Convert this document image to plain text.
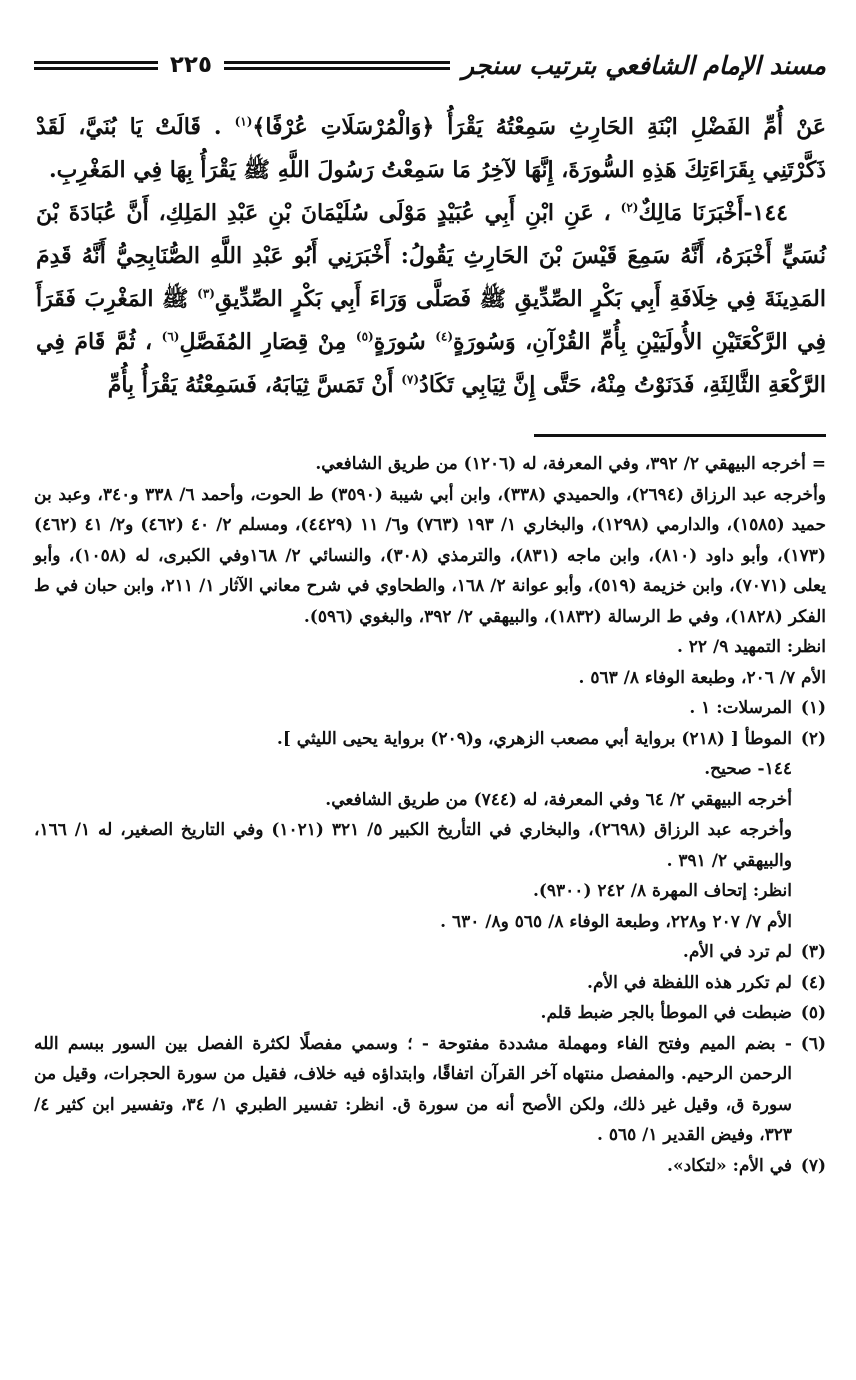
مسند الإمام الشافعي بترتيب سنجر
٢٢٥

عَنْ أُمِّ الفَضْلِ ابْنَةِ الحَارِثِ سَمِعْتُهُ يَقْرَأُ ﴿وَالْمُرْسَلَاتِ عُرْفًا﴾$^{(١)}$ . قَالَتْ يَا بُنَيَّ، لَقَدْ ذَكَّرْتَنِي بِقَرَاءَتِكَ هَذِهِ السُّورَةَ، إِنَّهَا لآخِرُ مَا سَمِعْتُ رَسُولَ اللَّهِ ﷺ يَقْرَأُ بِهَا فِي المَغْرِبِ.

١٤٤-أَخْبَرَنَا مَالِكٌ$^{(٢)}$ ، عَنِ ابْنِ أَبِي عُبَيْدٍ مَوْلَى سُلَيْمَانَ بْنِ عَبْدِ المَلِكِ، أَنَّ عُبَادَةَ بْنَ نُسَيٍّ أَخْبَرَهُ، أَنَّهُ سَمِعَ قَيْسَ بْنَ الحَارِثِ يَقُولُ: أَخْبَرَنِي أَبُو عَبْدِ اللَّهِ الصُّنَابِحِيُّ أَنَّهُ قَدِمَ المَدِينَةَ فِي خِلَافَةِ أَبِي بَكْرٍ الصِّدِّيقِ ﷺ فَصَلَّى وَرَاءَ أَبِي بَكْرٍ الصِّدِّيقِ$^{(٣)}$ ﷺ المَغْرِبَ فَقَرَأَ فِي الرَّكْعَتَيْنِ الأُولَيَيْنِ بِأُمِّ القُرْآنِ، وَسُورَةٍ$^{(٤)}$ سُورَةٍ$^{(٥)}$ مِنْ قِصَارِ المُفَصَّلِ$^{(٦)}$ ، ثُمَّ قَامَ فِي الرَّكْعَةِ الثَّالِثَةِ، فَدَنَوْتُ مِنْهُ، حَتَّى إِنَّ ثِيَابِي تَكَادُ$^{(٧)}$ أَنْ تَمَسَّ ثِيَابَهُ، فَسَمِعْتُهُ يَقْرَأُ بِأُمِّ

= أخرجه البيهقي ٢/ ٣٩٢، وفي المعرفة، له (١٢٠٦) من طريق الشافعي.

وأخرجه عبد الرزاق (٢٦٩٤)، والحميدي (٣٣٨)، وابن أبي شيبة (٣٥٩٠) ط الحوت، وأحمد ٦/ ٣٣٨ و٣٤٠، وعبد بن حميد (١٥٨٥)، والدارمي (١٢٩٨)، والبخاري ١/ ١٩٣ (٧٦٣) و٦/ ١١ (٤٤٢٩)، ومسلم ٢/ ٤٠ (٤٦٢) و٢/ ٤١ (٤٦٢) (١٧٣)، وأبو داود (٨١٠)، وابن ماجه (٨٣١)، والترمذي (٣٠٨)، والنسائي ٢/ ١٦٨وفي الكبرى، له (١٠٥٨)، وأبو يعلى (٧٠٧١)، وابن خزيمة (٥١٩)، وأبو عوانة ٢/ ١٦٨، والطحاوي في شرح معاني الآثار ١/ ٢١١، وابن حبان في ط الفكر (١٨٢٨)، وفي ط الرسالة (١٨٣٢)، والبيهقي ٢/ ٣٩٢، والبغوي (٥٩٦).

انظر: التمهيد ٩/ ٢٢ .

الأم ٧/ ٢٠٦، وطبعة الوفاء ٨/ ٥٦٣ .

(١)
المرسلات: ١ .
(٢)
الموطأ [ (٢١٨) برواية أبي مصعب الزهري، و(٢٠٩) برواية يحيى الليثي ].

١٤٤- صحيح.

أخرجه البيهقي ٢/ ٦٤ وفي المعرفة، له (٧٤٤) من طريق الشافعي.

وأخرجه عبد الرزاق (٢٦٩٨)، والبخاري في التأريخ الكبير ٥/ ٣٢١ (١٠٢١) وفي التاريخ الصغير، له ١/ ١٦٦، والبيهقي ٢/ ٣٩١ .

انظر: إتحاف المهرة ٨/ ٢٤٢ (٩٣٠٠).

الأم ٧/ ٢٠٧ و٢٢٨، وطبعة الوفاء ٨/ ٥٦٥ و٨/ ٦٣٠ .

(٣)
لم ترد في الأم.
(٤)
لم تكرر هذه اللفظة في الأم.
(٥)
ضبطت في الموطأ بالجر ضبط قلم.
(٦)
- بضم الميم وفتح الفاء ومهملة مشددة مفتوحة - ؛ وسمي مفصلًا لكثرة الفصل بين السور ببسم الله الرحمن الرحيم. والمفصل منتهاه آخر القرآن اتفاقًا، وابتداؤه فيه خلاف، فقيل من سورة الحجرات، وقيل من سورة ق، وقيل غير ذلك، ولكن الأصح أنه من سورة ق. انظر: تفسير الطبري ١/ ٣٤، وتفسير ابن كثير ٤/ ٣٢٣، وفيض القدير ١/ ٥٦٥ .
(٧)
في الأم: «لتكاد».
